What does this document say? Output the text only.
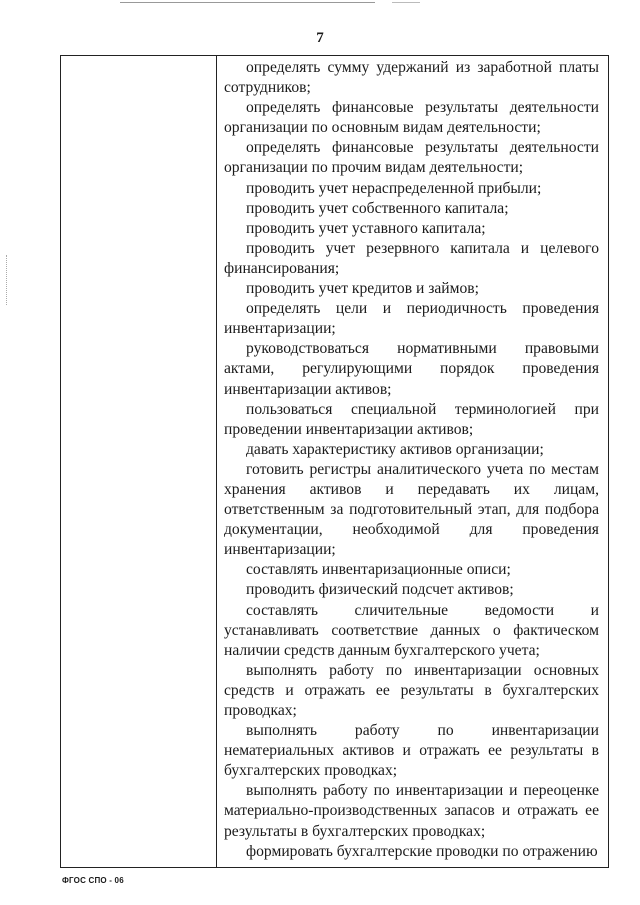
7

определять сумму удержаний из заработной платы сотрудников;

определять финансовые результаты деятельности организации по основным видам деятельности;

определять финансовые результаты деятельности организации по прочим видам деятельности;

проводить учет нераспределенной прибыли;

проводить учет собственного капитала;

проводить учет уставного капитала;

проводить учет резервного капитала и целевого финансирования;

проводить учет кредитов и займов;

определять цели и периодичность проведения инвентаризации;

руководствоваться нормативными правовыми актами, регулирующими порядок проведения инвентаризации активов;

пользоваться специальной терминологией при проведении инвентаризации активов;

давать характеристику активов организации;

готовить регистры аналитического учета по местам хранения активов и передавать их лицам, ответственным за подготовительный этап, для подбора документации, необходимой для проведения инвентаризации;

составлять инвентаризационные описи;

проводить физический подсчет активов;

составлять сличительные ведомости и устанавливать соответствие данных о фактическом наличии средств данным бухгалтерского учета;

выполнять работу по инвентаризации основных средств и отражать ее результаты в бухгалтерских проводках;

выполнять работу по инвентаризации нематериальных активов и отражать ее результаты в бухгалтерских проводках;

выполнять работу по инвентаризации и переоценке материально-производственных запасов и отражать ее результаты в бухгалтерских проводках;

формировать бухгалтерские проводки по отражению

ФГОС СПО - 06
